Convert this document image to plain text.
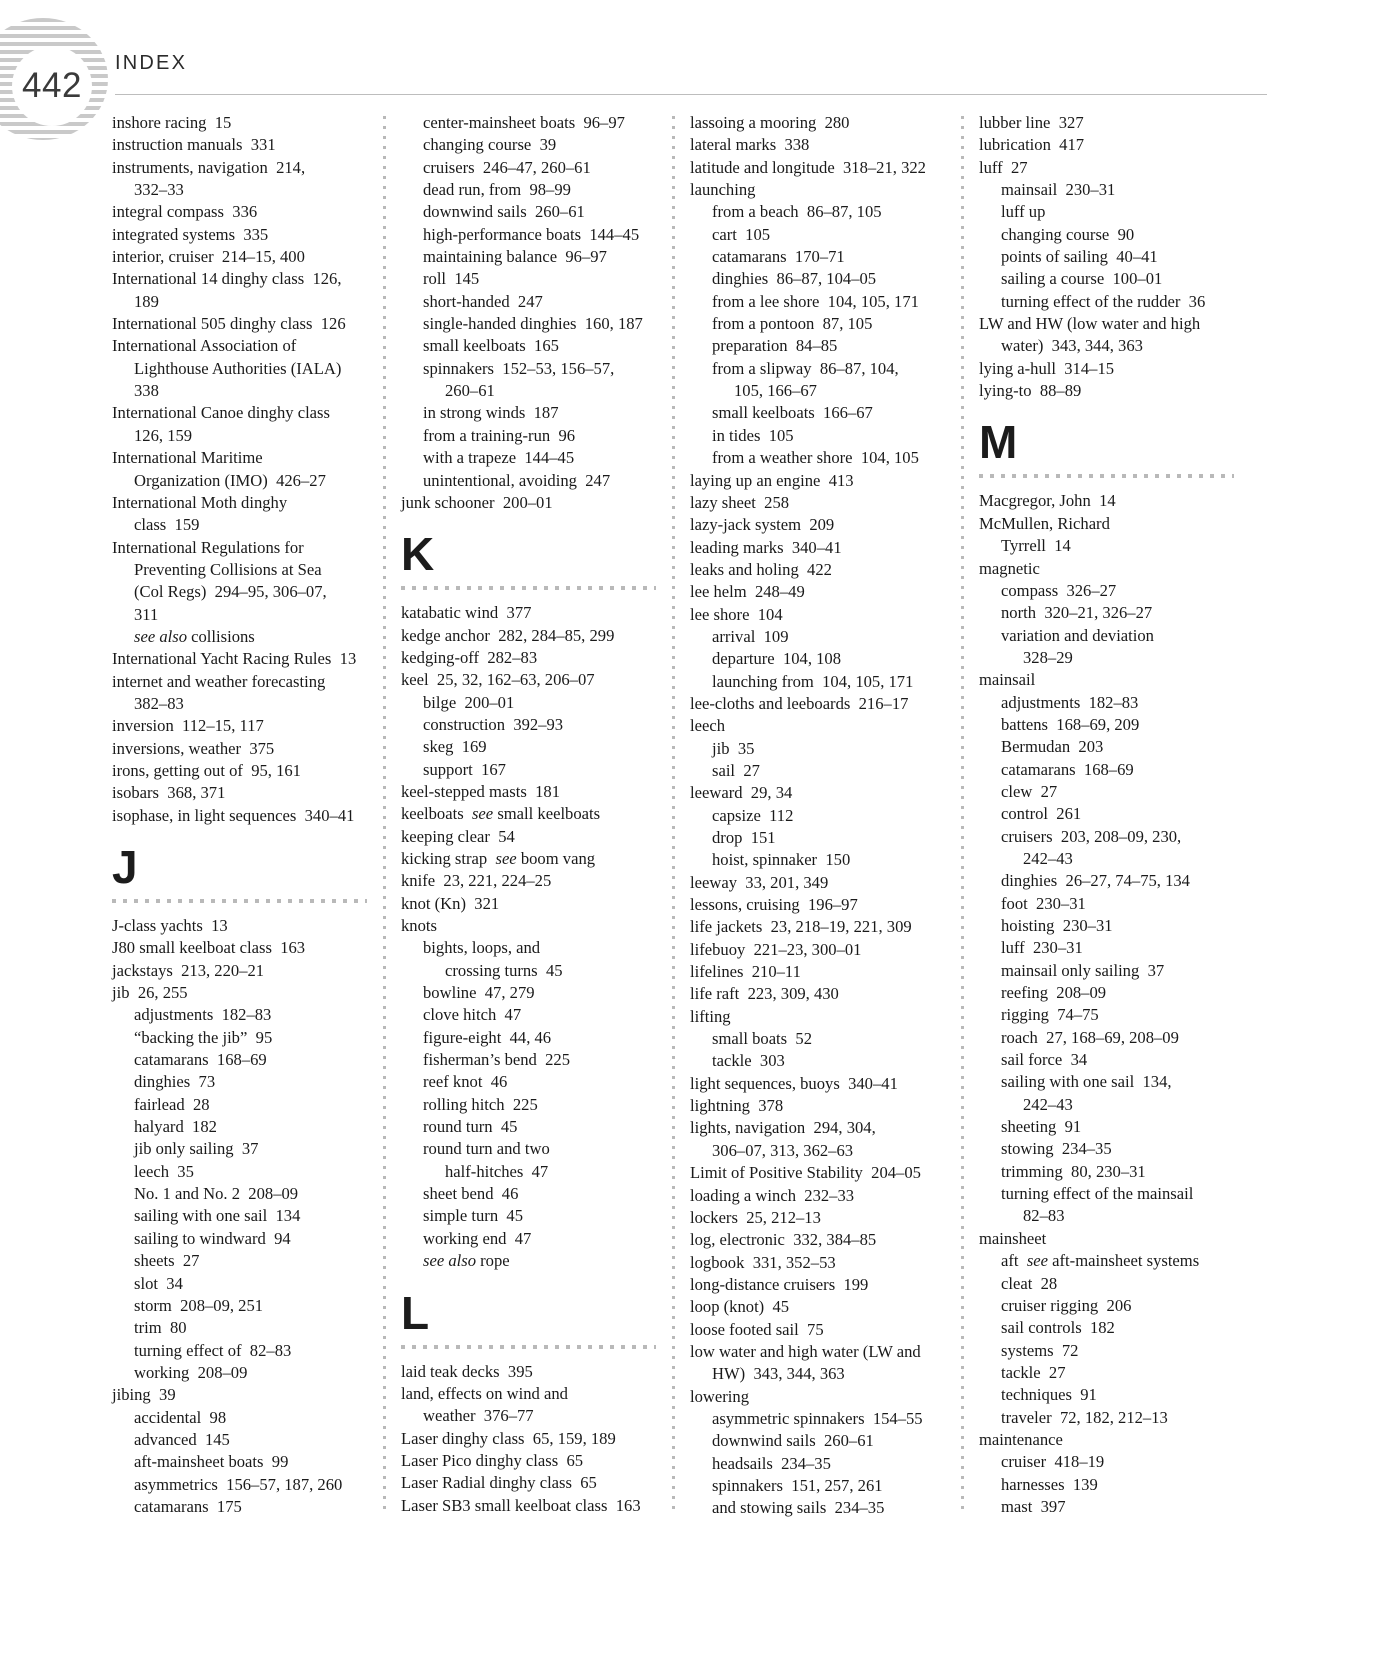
442
INDEX
inshore racing  15
instruction manuals  331
instruments, navigation  214,
332–33
integral compass  336
integrated systems  335
interior, cruiser  214–15, 400
International 14 dinghy class  126,
189
International 505 dinghy class  126
International Association of
Lighthouse Authorities (IALA)
338
International Canoe dinghy class
126, 159
International Maritime
Organization (IMO)  426–27
International Moth dinghy
class  159
International Regulations for
Preventing Collisions at Sea
(Col Regs)  294–95, 306–07,
311
see also collisions
International Yacht Racing Rules  13
internet and weather forecasting
382–83
inversion  112–15, 117
inversions, weather  375
irons, getting out of  95, 161
isobars  368, 371
isophase, in light sequences  340–41
J
J-class yachts  13
J80 small keelboat class  163
jackstays  213, 220–21
jib  26, 255
adjustments  182–83
“backing the jib”  95
catamarans  168–69
dinghies  73
fairlead  28
halyard  182
jib only sailing  37
leech  35
No. 1 and No. 2  208–09
sailing with one sail  134
sailing to windward  94
sheets  27
slot  34
storm  208–09, 251
trim  80
turning effect of  82–83
working  208–09
jibing  39
accidental  98
advanced  145
aft-mainsheet boats  99
asymmetrics  156–57, 187, 260
catamarans  175
center-mainsheet boats  96–97
changing course  39
cruisers  246–47, 260–61
dead run, from  98–99
downwind sails  260–61
high-performance boats  144–45
maintaining balance  96–97
roll  145
short-handed  247
single-handed dinghies  160, 187
small keelboats  165
spinnakers  152–53, 156–57,
260–61
in strong winds  187
from a training-run  96
with a trapeze  144–45
unintentional, avoiding  247
junk schooner  200–01
K
katabatic wind  377
kedge anchor  282, 284–85, 299
kedging-off  282–83
keel  25, 32, 162–63, 206–07
bilge  200–01
construction  392–93
skeg  169
support  167
keel-stepped masts  181
keelboats  see small keelboats
keeping clear  54
kicking strap  see boom vang
knife  23, 221, 224–25
knot (Kn)  321
knots
bights, loops, and
crossing turns  45
bowline  47, 279
clove hitch  47
figure-eight  44, 46
fisherman’s bend  225
reef knot  46
rolling hitch  225
round turn  45
round turn and two
half-hitches  47
sheet bend  46
simple turn  45
working end  47
see also rope
L
laid teak decks  395
land, effects on wind and
weather  376–77
Laser dinghy class  65, 159, 189
Laser Pico dinghy class  65
Laser Radial dinghy class  65
Laser SB3 small keelboat class  163
lassoing a mooring  280
lateral marks  338
latitude and longitude  318–21, 322
launching
from a beach  86–87, 105
cart  105
catamarans  170–71
dinghies  86–87, 104–05
from a lee shore  104, 105, 171
from a pontoon  87, 105
preparation  84–85
from a slipway  86–87, 104,
105, 166–67
small keelboats  166–67
in tides  105
from a weather shore  104, 105
laying up an engine  413
lazy sheet  258
lazy-jack system  209
leading marks  340–41
leaks and holing  422
lee helm  248–49
lee shore  104
arrival  109
departure  104, 108
launching from  104, 105, 171
lee-cloths and leeboards  216–17
leech
jib  35
sail  27
leeward  29, 34
capsize  112
drop  151
hoist, spinnaker  150
leeway  33, 201, 349
lessons, cruising  196–97
life jackets  23, 218–19, 221, 309
lifebuoy  221–23, 300–01
lifelines  210–11
life raft  223, 309, 430
lifting
small boats  52
tackle  303
light sequences, buoys  340–41
lightning  378
lights, navigation  294, 304,
306–07, 313, 362–63
Limit of Positive Stability  204–05
loading a winch  232–33
lockers  25, 212–13
log, electronic  332, 384–85
logbook  331, 352–53
long-distance cruisers  199
loop (knot)  45
loose footed sail  75
low water and high water (LW and
HW)  343, 344, 363
lowering
asymmetric spinnakers  154–55
downwind sails  260–61
headsails  234–35
spinnakers  151, 257, 261
and stowing sails  234–35
lubber line  327
lubrication  417
luff  27
mainsail  230–31
luff up
changing course  90
points of sailing  40–41
sailing a course  100–01
turning effect of the rudder  36
LW and HW (low water and high
water)  343, 344, 363
lying a-hull  314–15
lying-to  88–89
M
Macgregor, John  14
McMullen, Richard
Tyrrell  14
magnetic
compass  326–27
north  320–21, 326–27
variation and deviation
328–29
mainsail
adjustments  182–83
battens  168–69, 209
Bermudan  203
catamarans  168–69
clew  27
control  261
cruisers  203, 208–09, 230,
242–43
dinghies  26–27, 74–75, 134
foot  230–31
hoisting  230–31
luff  230–31
mainsail only sailing  37
reefing  208–09
rigging  74–75
roach  27, 168–69, 208–09
sail force  34
sailing with one sail  134,
242–43
sheeting  91
stowing  234–35
trimming  80, 230–31
turning effect of the mainsail
82–83
mainsheet
aft  see aft-mainsheet systems
cleat  28
cruiser rigging  206
sail controls  182
systems  72
tackle  27
techniques  91
traveler  72, 182, 212–13
maintenance
cruiser  418–19
harnesses  139
mast  397
